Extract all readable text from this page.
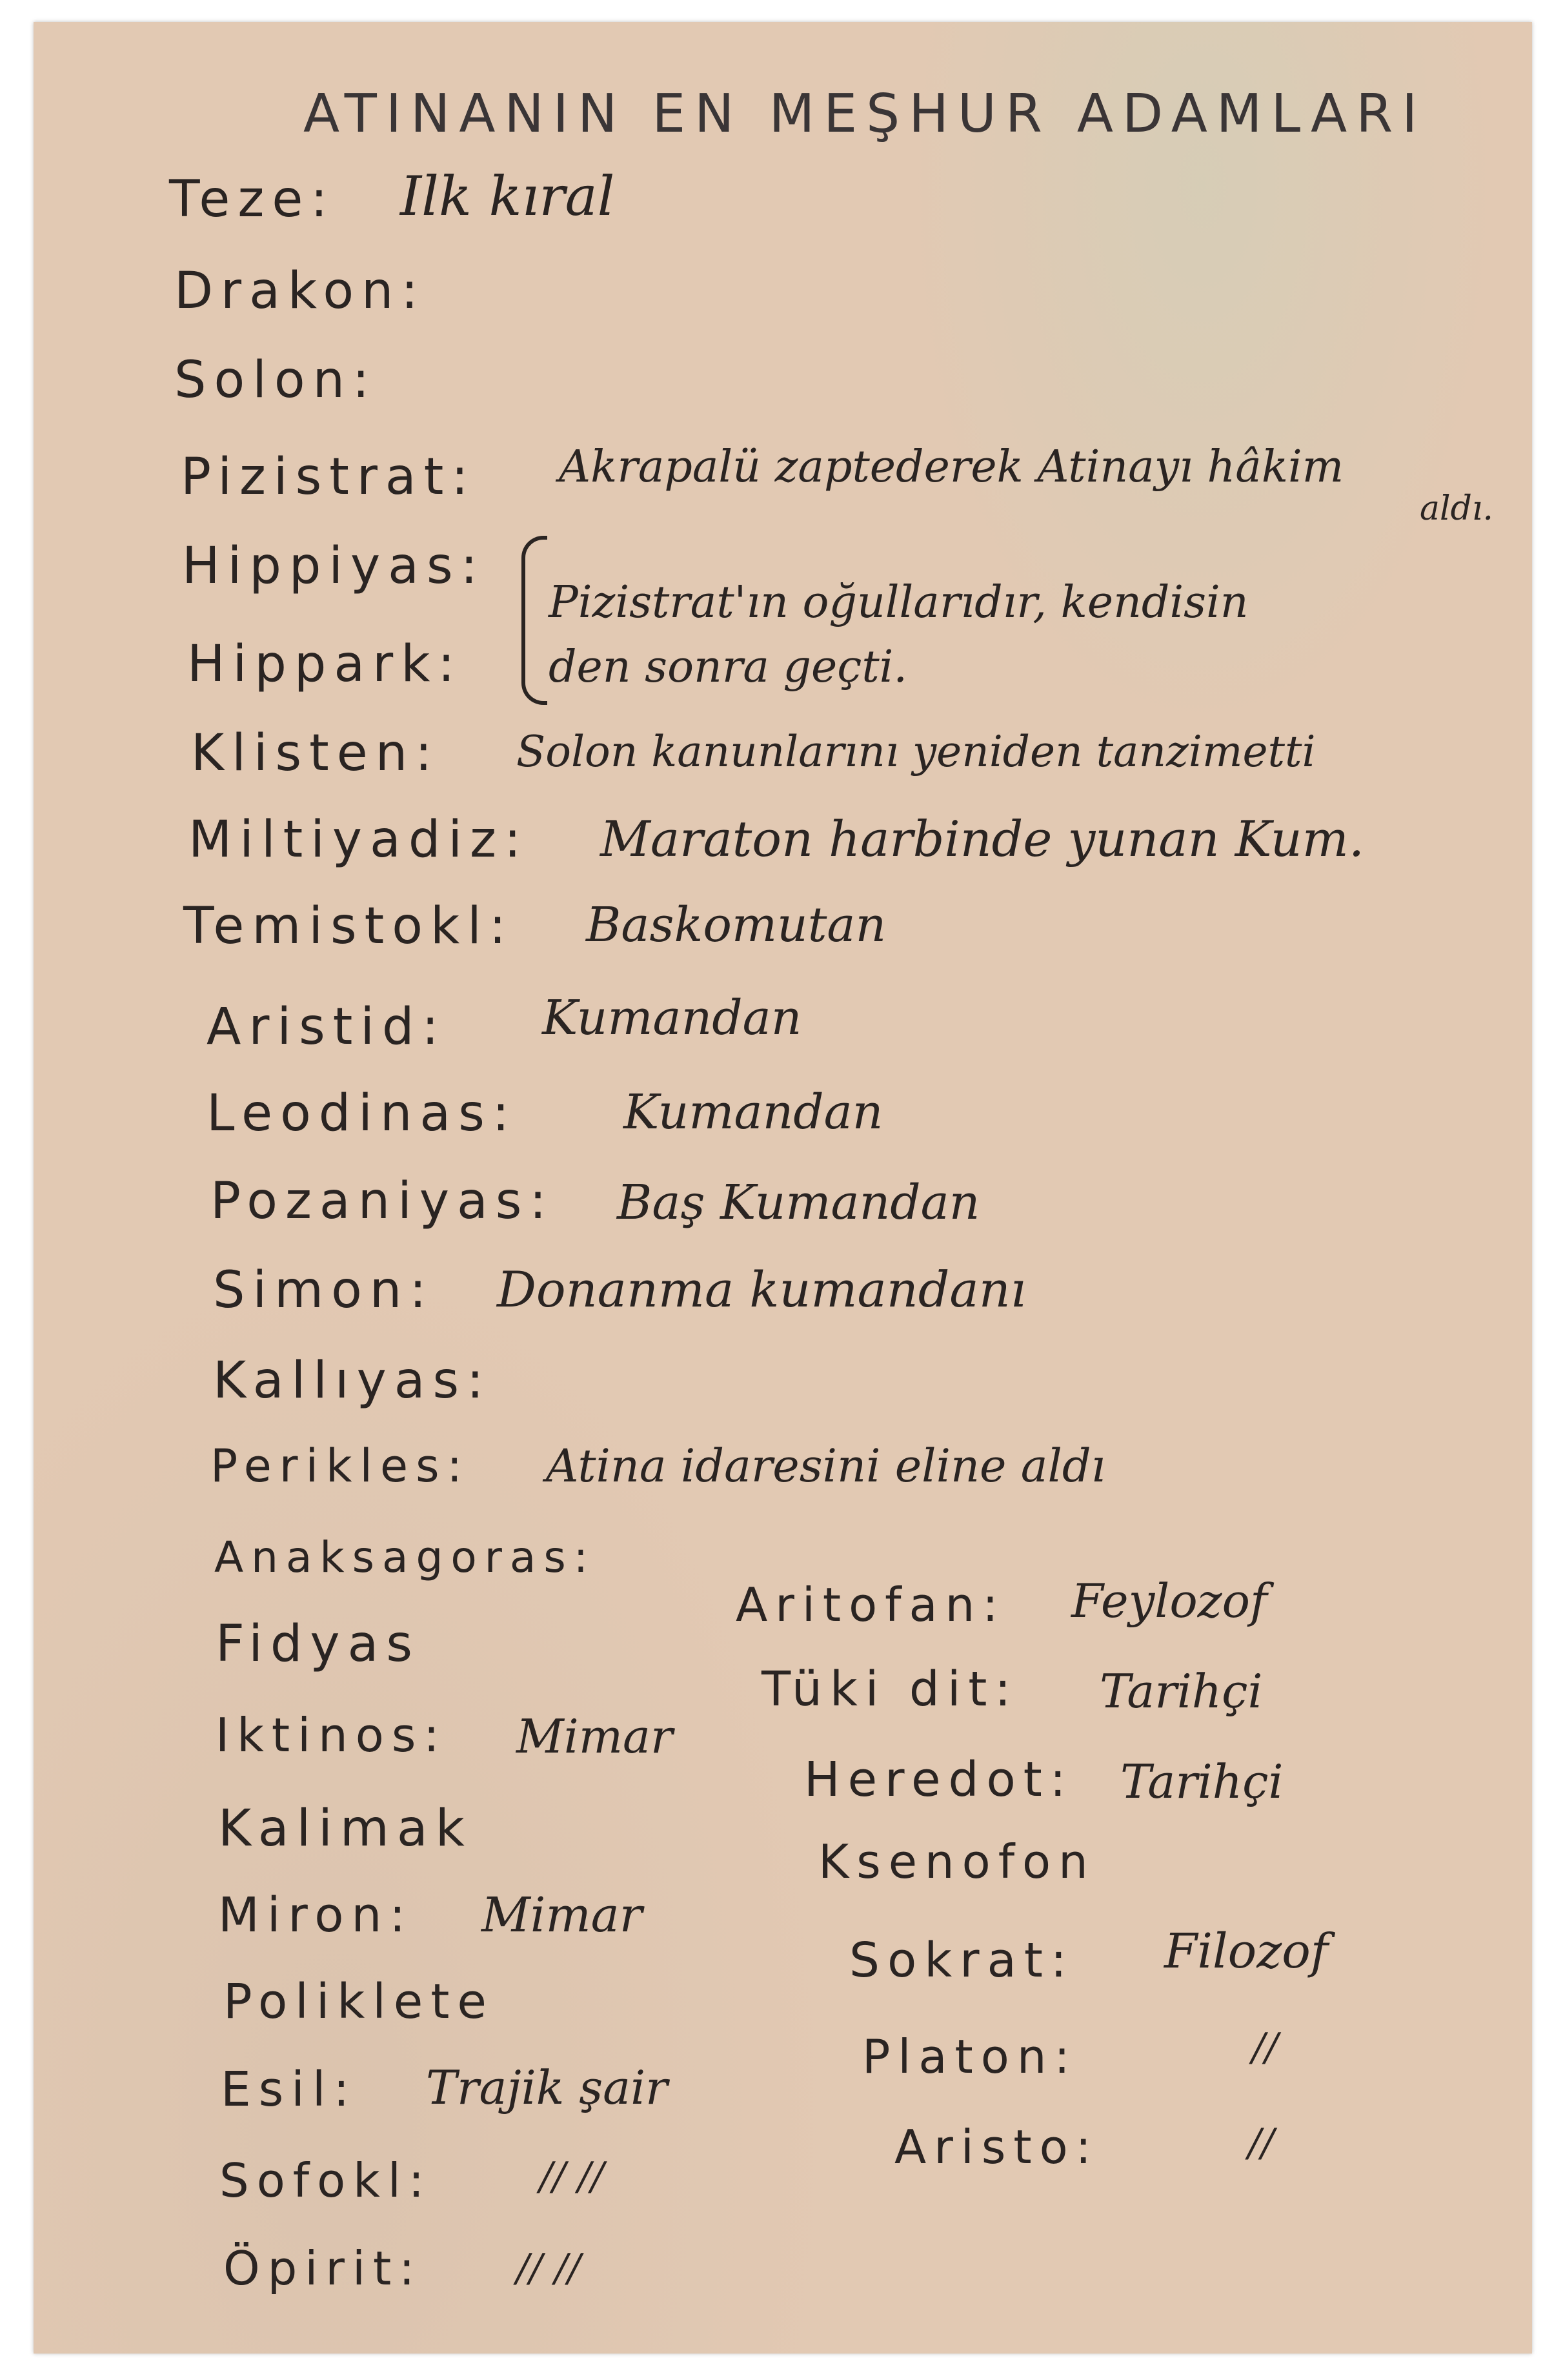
ATINANIN EN MEŞHUR ADAMLARI
Teze: Ilk kıral
Drakon:
Solon:
Pizistrat: Akrapalü zaptederek Atinayı hâkim
aldı.
Hippiyas:
Hippark:
Pizistrat'ın oğullarıdır, kendisin
den sonra geçti.
Klisten: Solon kanunlarını yeniden tanzimetti
Miltiyadiz: Maraton harbinde yunan Kum.
Temistokl: Baskomutan
Aristid: Kumandan
Leodinas: Kumandan
Pozaniyas: Baş Kumandan
Simon: Donanma kumandanı
Kallıyas:
Perikles: Atina idaresini eline aldı
Anaksagoras:
Fidyas
Iktinos: Mimar
Kalimak
Miron: Mimar
Poliklete
Esil: Trajik şair
Sofokl:	// //
Öpirit: // //
Aritofan: Feylozof
Tüki dit: Tarihçi
Heredot: Tarihçi
Ksenofon
Sokrat: Filozof
Platon:	//
Aristo:	//
